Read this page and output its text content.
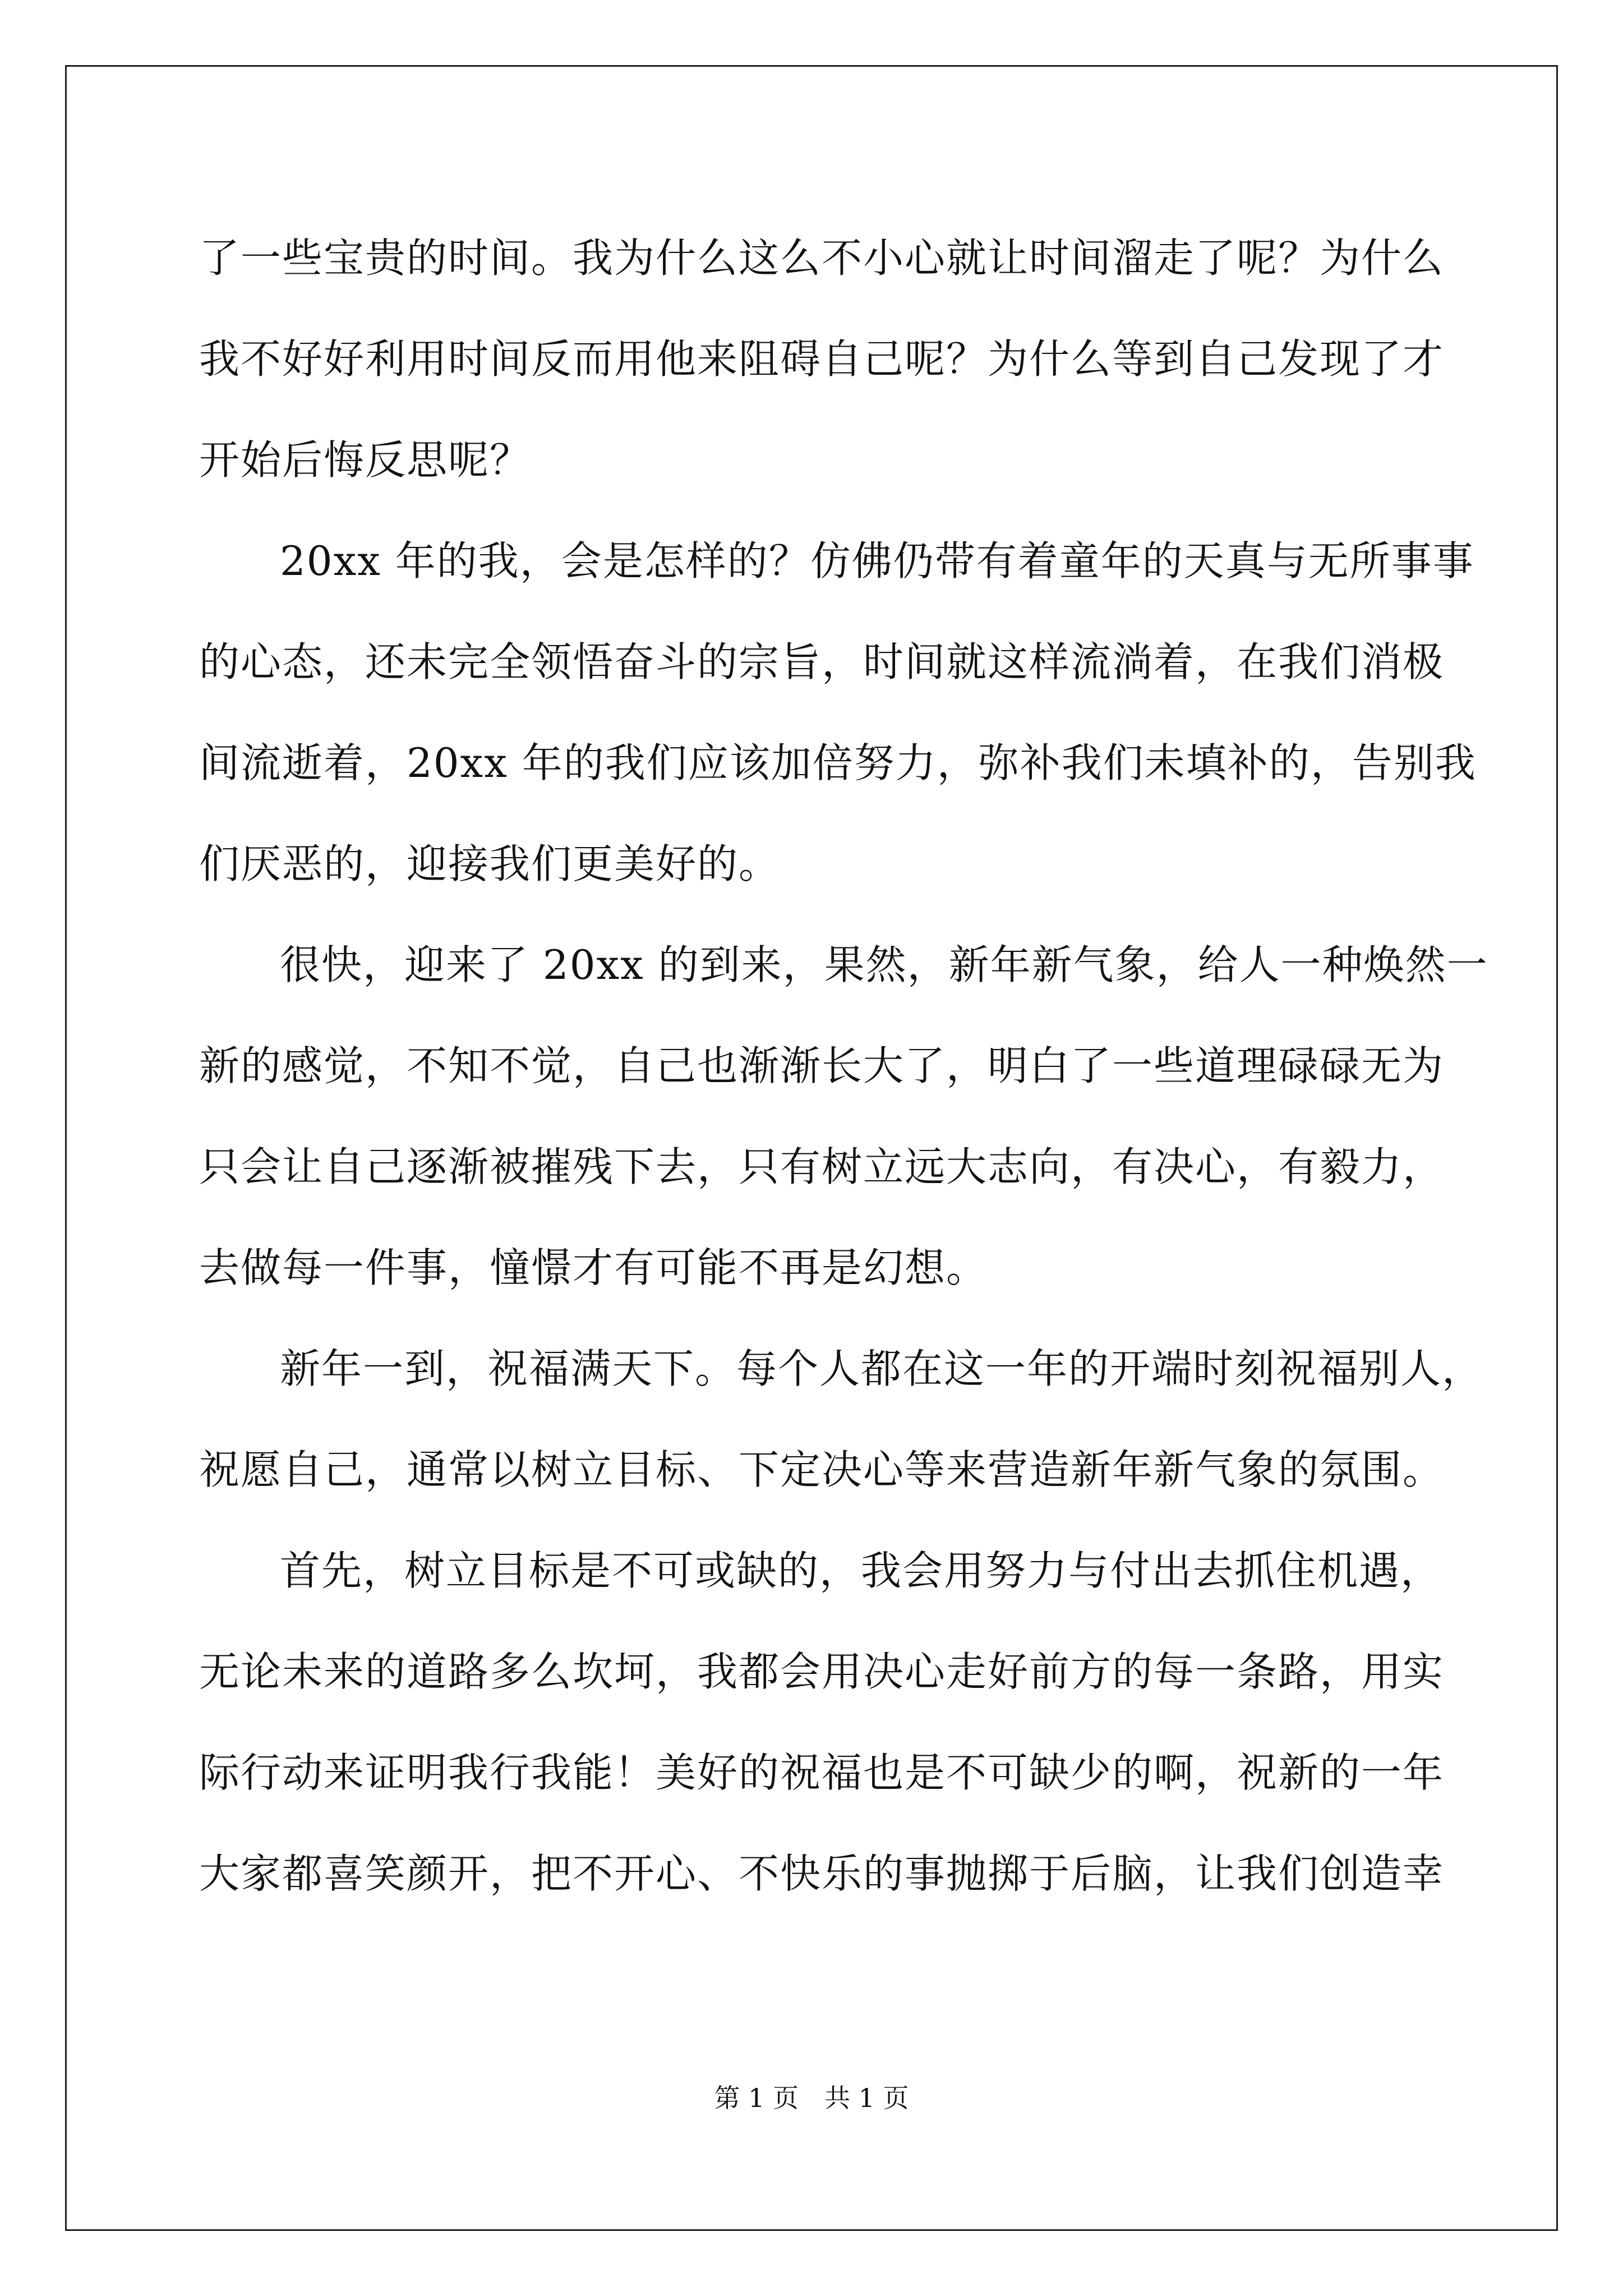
了一些宝贵的时间。我为什么这么不小心就让时间溜走了呢？为什么
我不好好利用时间反而用他来阻碍自己呢？为什么等到自己发现了才
开始后悔反思呢？
20xx 年的我，会是怎样的？仿佛仍带有着童年的天真与无所事事
的心态，还未完全领悟奋斗的宗旨，时间就这样流淌着，在我们消极
间流逝着，20xx 年的我们应该加倍努力，弥补我们未填补的，告别我
们厌恶的，迎接我们更美好的。
很快，迎来了 20xx 的到来，果然，新年新气象，给人一种焕然一
新的感觉，不知不觉，自己也渐渐长大了，明白了一些道理碌碌无为
只会让自己逐渐被摧残下去，只有树立远大志向，有决心，有毅力，
去做每一件事，憧憬才有可能不再是幻想。
新年一到，祝福满天下。每个人都在这一年的开端时刻祝福别人，
祝愿自己，通常以树立目标、下定决心等来营造新年新气象的氛围。
首先，树立目标是不可或缺的，我会用努力与付出去抓住机遇，
无论未来的道路多么坎坷，我都会用决心走好前方的每一条路，用实
际行动来证明我行我能！美好的祝福也是不可缺少的啊，祝新的一年
大家都喜笑颜开，把不开心、不快乐的事抛掷于后脑，让我们创造幸
第 1 页　共 1 页
